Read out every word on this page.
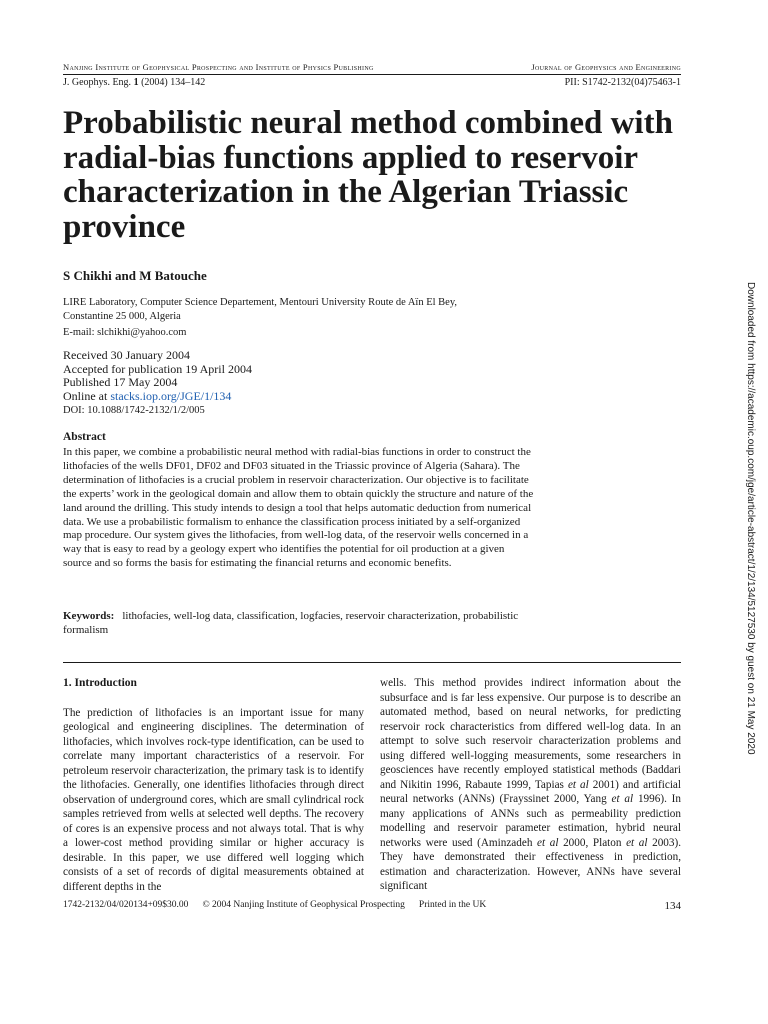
Nanjing Institute of Geophysical Prospecting and Institute of Physics Publishing	Journal of Geophysics and Engineering
J. Geophys. Eng. 1 (2004) 134–142	PII: S1742-2132(04)75463-1
Probabilistic neural method combined with radial-bias functions applied to reservoir characterization in the Algerian Triassic province

S Chikhi and M Batouche

LIRE Laboratory, Computer Science Departement, Mentouri University Route de Aïn El Bey,
Constantine 25 000, Algeria
E-mail: slchikhi@yahoo.com
Received 30 January 2004
Accepted for publication 19 April 2004
Published 17 May 2004
Online at stacks.iop.org/JGE/1/134
DOI: 10.1088/1742-2132/1/2/005
Abstract
In this paper, we combine a probabilistic neural method with radial-bias functions in order to construct the lithofacies of the wells DF01, DF02 and DF03 situated in the Triassic province of Algeria (Sahara). The determination of lithofacies is a crucial problem in reservoir characterization. Our objective is to facilitate the experts’ work in the geological domain and allow them to obtain quickly the structure and nature of the land around the drilling. This study intends to design a tool that helps automatic deduction from numerical data. We use a probabilistic formalism to enhance the classification process initiated by a self-organized map procedure. Our system gives the lithofacies, from well-log data, of the reservoir wells concerned in a way that is easy to read by a geology expert who identifies the potential for oil production at a given source and so forms the basis for estimating the financial returns and economic benefits.
Keywords: lithofacies, well-log data, classification, logfacies, reservoir characterization, probabilistic formalism
1. Introduction

The prediction of lithofacies is an important issue for many geological and engineering disciplines. The determination of lithofacies, which involves rock-type identification, can be used to correlate many important characteristics of a reservoir. For petroleum reservoir characterization, the primary task is to identify the lithofacies. Generally, one identifies lithofacies through direct observation of underground cores, which are small cylindrical rock samples retrieved from wells at selected well depths. The recovery of cores is an expensive process and not always total. That is why a lower-cost method providing similar or higher accuracy is desirable. In this paper, we use differed well logging which consists of a set of records of digital measurements obtained at different depths in the

wells. This method provides indirect information about the subsurface and is far less expensive. Our purpose is to describe an automated method, based on neural networks, for predicting reservoir rock characteristics from differed well-log data. In an attempt to solve such reservoir characterization problems and using differed well-logging measurements, some researchers in geosciences have recently employed statistical methods (Baddari and Nikitin 1996, Rabaute 1999, Tapias et al 2001) and artificial neural networks (ANNs) (Frayssinet 2000, Yang et al 1996). In many applications of ANNs such as permeability prediction modelling and reservoir parameter estimation, hybrid neural networks were used (Aminzadeh et al 2000, Platon et al 2003). They have demonstrated their effectiveness in prediction, estimation and characterization. However, ANNs have several significant

1742-2132/04/020134+09$30.00 © 2004 Nanjing Institute of Geophysical Prospecting Printed in the UK	134
Downloaded from https://academic.oup.com/jge/article-abstract/1/2/134/5127530 by guest on 21 May 2020
